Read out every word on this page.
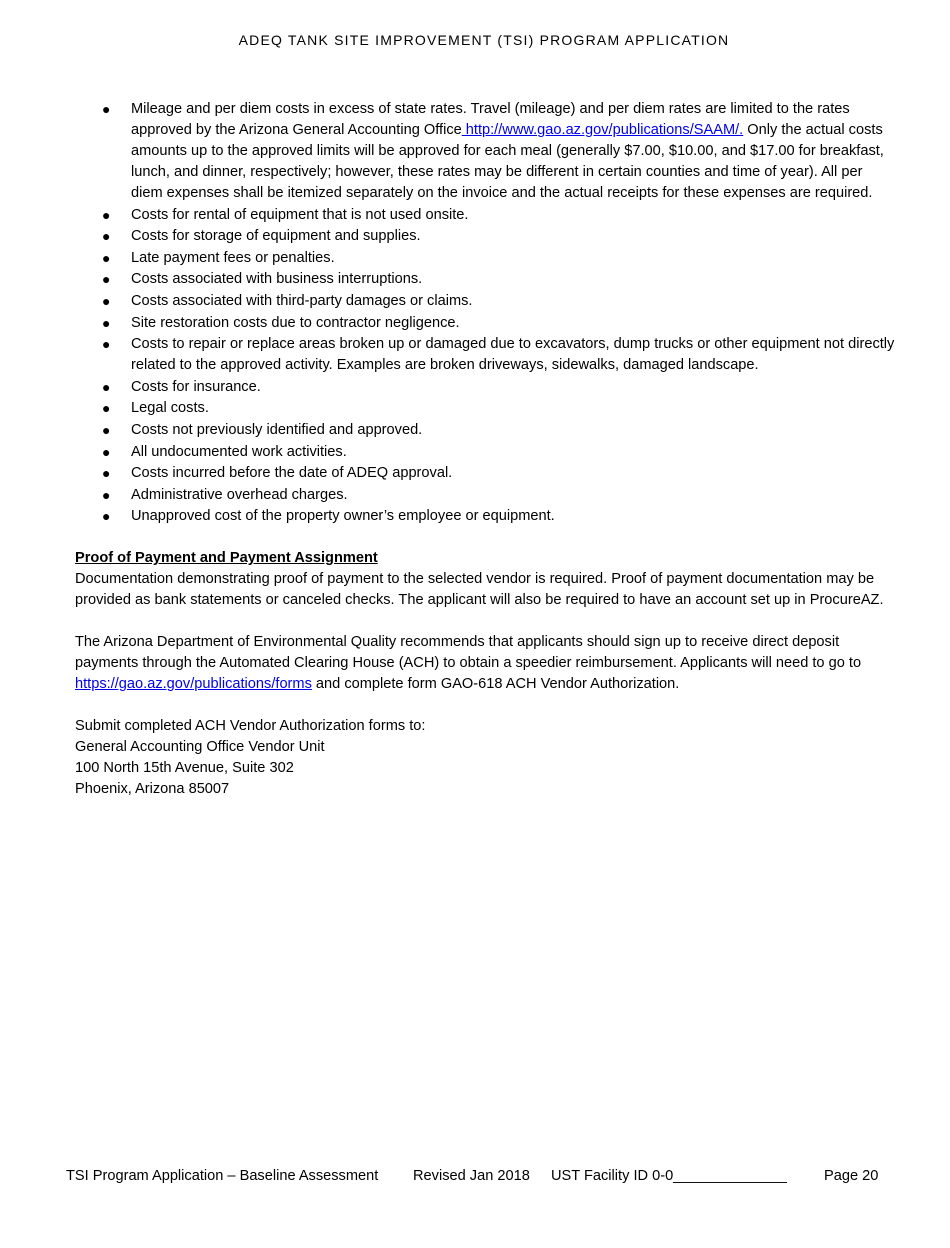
ADEQ TANK SITE IMPROVEMENT (TSI) PROGRAM APPLICATION
● Mileage and per diem costs in excess of state rates. Travel (mileage) and per diem rates are limited to the rates approved by the Arizona General Accounting Office http://www.gao.az.gov/publications/SAAM/. Only the actual costs amounts up to the approved limits will be approved for each meal (generally $7.00, $10.00, and $17.00 for breakfast, lunch, and dinner, respectively; however, these rates may be different in certain counties and time of year). All per diem expenses shall be itemized separately on the invoice and the actual receipts for these expenses are required.
● Costs for rental of equipment that is not used onsite.
● Costs for storage of equipment and supplies.
● Late payment fees or penalties.
● Costs associated with business interruptions.
● Costs associated with third-party damages or claims.
● Site restoration costs due to contractor negligence.
● Costs to repair or replace areas broken up or damaged due to excavators, dump trucks or other equipment not directly related to the approved activity. Examples are broken driveways, sidewalks, damaged landscape.
● Costs for insurance.
● Legal costs.
● Costs not previously identified and approved.
● All undocumented work activities.
● Costs incurred before the date of ADEQ approval.
● Administrative overhead charges.
● Unapproved cost of the property owner’s employee or equipment.
Proof of Payment and Payment Assignment

Documentation demonstrating proof of payment to the selected vendor is required. Proof of payment documentation may be provided as bank statements or canceled checks. The applicant will also be required to have an account set up in ProcureAZ.

The Arizona Department of Environmental Quality recommends that applicants should sign up to receive direct deposit payments through the Automated Clearing House (ACH) to obtain a speedier reimbursement. Applicants will need to go to https://gao.az.gov/publications/forms and complete form GAO-618 ACH Vendor Authorization.

Submit completed ACH Vendor Authorization forms to:

General Accounting Office Vendor Unit

100 North 15th Avenue, Suite 302

Phoenix, Arizona 85007

TSI Program Application – Baseline Assessment

Revised Jan 2018

UST Facility ID 0-0______________

	Page 20
